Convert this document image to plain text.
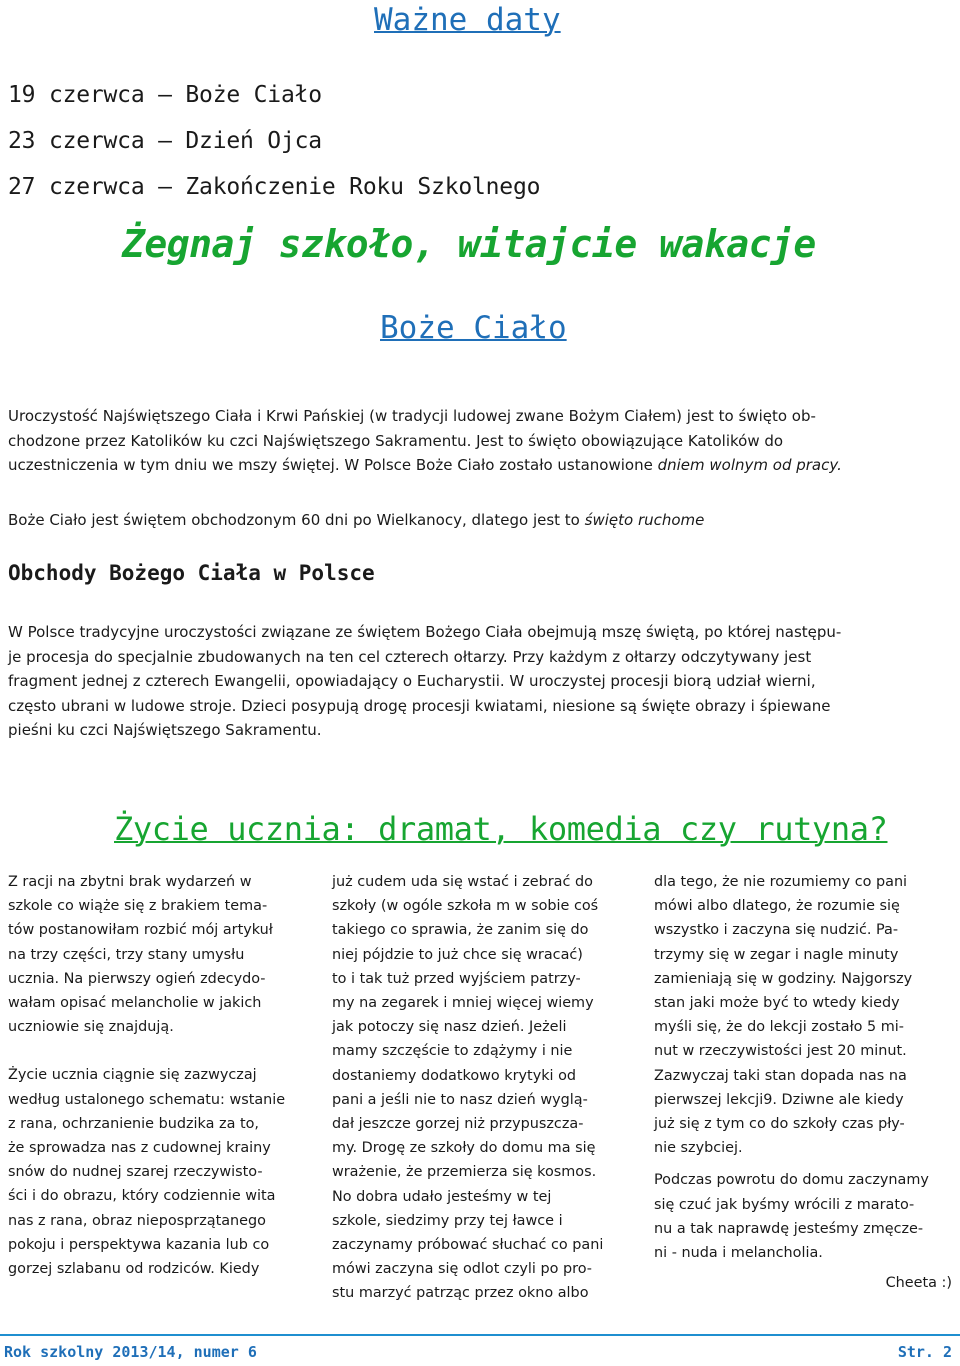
Ważne daty
19 czerwca – Boże Ciało
23 czerwca – Dzień Ojca
27 czerwca – Zakończenie Roku Szkolnego
Żegnaj szkoło, witajcie wakacje
Boże Ciało
Uroczystość Najświętszego Ciała i Krwi Pańskiej (w tradycji ludowej zwane Bożym Ciałem) jest to święto ob-
chodzone przez Katolików ku czci Najświętszego Sakramentu. Jest to święto obowiązujące Katolików do
uczestniczenia w tym dniu we mszy świętej. W Polsce Boże Ciało zostało ustanowione dniem wolnym od pracy.
Boże Ciało jest świętem obchodzonym 60 dni po Wielkanocy, dlatego jest to święto ruchome
Obchody Bożego Ciała w Polsce
W Polsce tradycyjne uroczystości związane ze świętem Bożego Ciała obejmują mszę świętą, po której następu-
je procesja do specjalnie zbudowanych na ten cel czterech ołtarzy. Przy każdym z ołtarzy odczytywany jest
fragment jednej z czterech Ewangelii, opowiadający o Eucharystii. W uroczystej procesji biorą udział wierni,
często ubrani w ludowe stroje. Dzieci posypują drogę procesji kwiatami, niesione są święte obrazy i śpiewane
pieśni ku czci Najświętszego Sakramentu.
Życie ucznia: dramat, komedia czy rutyna?

Z racji na zbytni brak wydarzeń w

szkole co wiąże się z brakiem tema-

tów postanowiłam rozbić mój artykuł

na trzy części, trzy stany umysłu

ucznia. Na pierwszy ogień zdecydo-

wałam opisać melancholie w jakich

uczniowie się znajdują.

Życie ucznia ciągnie się zazwyczaj

według ustalonego schematu: wstanie

z rana, ochrzanienie budzika za to,

że sprowadza nas z cudownej krainy

snów do nudnej szarej rzeczywisto-

ści i do obrazu, który codziennie wita

nas z rana, obraz nieposprzątanego

pokoju i perspektywa kazania lub co

gorzej szlabanu od rodziców. Kiedy

już cudem uda się wstać i zebrać do

szkoły (w ogóle szkoła m w sobie coś

takiego co sprawia, że zanim się do

niej pójdzie to już chce się wracać)

to i tak tuż przed wyjściem patrzy-

my na zegarek i mniej więcej wiemy

jak potoczy się nasz dzień. Jeżeli

mamy szczęście to zdążymy i nie

dostaniemy dodatkowo krytyki od

pani a jeśli nie to nasz dzień wyglą-

dał jeszcze gorzej niż przypuszcza-

my. Drogę ze szkoły do domu ma się

wrażenie, że przemierza się kosmos.

No dobra udało jesteśmy w tej

szkole, siedzimy przy tej ławce i

zaczynamy próbować słuchać co pani

mówi zaczyna się odlot czyli po pro-

stu marzyć patrząc przez okno albo

dla tego, że nie rozumiemy co pani

mówi albo dlatego, że rozumie się

wszystko i zaczyna się nudzić. Pa-

trzymy się w zegar i nagle minuty

zamieniają się w godziny. Najgorszy

stan jaki może być to wtedy kiedy

myśli się, że do lekcji zostało 5 mi-

nut w rzeczywistości jest 20 minut.

Zazwyczaj taki stan dopada nas na

pierwszej lekcji9. Dziwne ale kiedy

już się z tym co do szkoły czas pły-

nie szybciej.

Podczas powrotu do domu zaczynamy

się czuć jak byśmy wrócili z marato-

nu a tak naprawdę jesteśmy zmęcze-

ni - nuda i melancholia.

Cheeta :)

Rok szkolny 2013/14, numer 6	Str. 2
